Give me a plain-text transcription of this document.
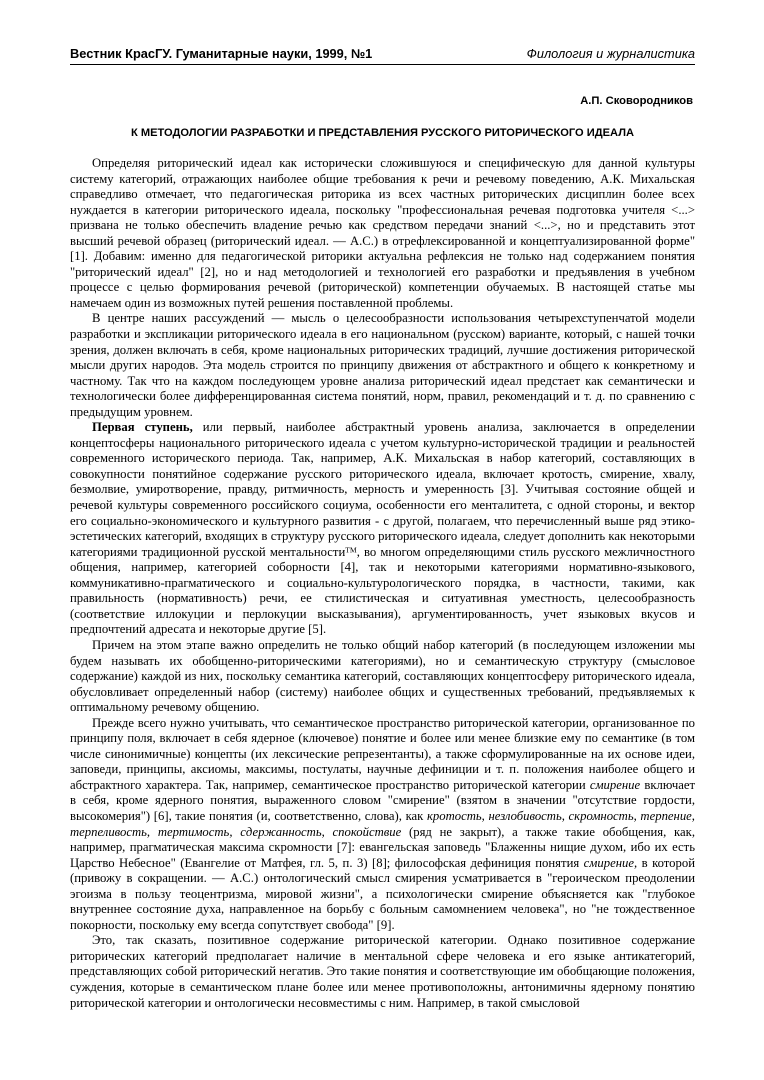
Вестник КрасГУ. Гуманитарные науки, 1999, №1	Филология и журналистика
А.П. Сковородников
К МЕТОДОЛОГИИ РАЗРАБОТКИ И ПРЕДСТАВЛЕНИЯ РУССКОГО РИТОРИЧЕСКОГО ИДЕАЛА

Определяя риторический идеал как исторически сложившуюся и специфическую для данной культуры систему категорий, отражающих наиболее общие требования к речи и речевому поведению, А.К. Михальская справедливо отмечает, что педагогическая риторика из всех частных риторических дисциплин более всех нуждается в категории риторического идеала, поскольку "профессиональная речевая подготовка учителя <...> призвана не только обеспечить владение речью как средством передачи знаний <...>, но и представить этот высший речевой образец (риторический идеал. — А.С.) в отрефлексированной и концептуализированной форме" [1]. Добавим: именно для педагогической риторики актуальна рефлексия не только над содержанием понятия "риторический идеал" [2], но и над методологией и технологией его разработки и предъявления в учебном процессе с целью формирования речевой (риторической) компетенции обучаемых. В настоящей статье мы намечаем один из возможных путей решения поставленной проблемы.

В центре наших рассуждений — мысль о целесообразности использования четырехступенчатой модели разработки и экспликации риторического идеала в его национальном (русском) варианте, который, с нашей точки зрения, должен включать в себя, кроме национальных риторических традиций, лучшие достижения риторической мысли других народов. Эта модель строится по принципу движения от абстрактного и общего к конкретному и частному. Так что на каждом последующем уровне анализа риторический идеал предстает как семантически и технологически более дифференцированная система понятий, норм, правил, рекомендаций и т. д. по сравнению с предыдущим уровнем.

Первая ступень, или первый, наиболее абстрактный уровень анализа, заключается в определении концептосферы национального риторического идеала с учетом культурно-исторической традиции и реальностей современного исторического периода. Так, например, А.К. Михальская в набор категорий, составляющих в совокупности понятийное содержание русского риторического идеала, включает кротость, смирение, хвалу, безмолвие, умиротворение, правду, ритмичность, мерность и умеренность [3]. Учитывая состояние общей и речевой культуры современного российского социума, особенности его менталитета, с одной стороны, и вектор его социально-экономического и культурного развития - с другой, полагаем, что перечисленный выше ряд этико-эстетических категорий, входящих в структуру русского риторического идеала, следует дополнить как некоторыми категориями традиционной русской ментальностиᵀᴹ, во многом определяющими стиль русского межличностного общения, например, категорией соборности [4], так и некоторыми категориями нормативно-языкового, коммуникативно-прагматического и социально-культурологического порядка, в частности, такими, как правильность (нормативность) речи, ее стилистическая и ситуативная уместность, целесообразность (соответствие иллокуции и перлокуции высказывания), аргументированность, учет языковых вкусов и предпочтений адресата и некоторые другие [5].

Причем на этом этапе важно определить не только общий набор категорий (в последующем изложении мы будем называть их обобщенно-риторическими категориями), но и семантическую структуру (смысловое содержание) каждой из них, поскольку семантика категорий, составляющих концептосферу риторического идеала, обусловливает определенный набор (систему) наиболее общих и существенных требований, предъявляемых к оптимальному речевому общению.

Прежде всего нужно учитывать, что семантическое пространство риторической категории, организованное по принципу поля, включает в себя ядерное (ключевое) понятие и более или менее близкие ему по семантике (в том числе синонимичные) концепты (их лексические репрезентанты), а также сформулированные на их основе идеи, заповеди, принципы, аксиомы, максимы, постулаты, научные дефиниции и т. п. положения наиболее общего и абстрактного характера. Так, например, семантическое пространство риторической категории смирение включает в себя, кроме ядерного понятия, выраженного словом "смирение" (взятом в значении "отсутствие гордости, высокомерия") [6], такие понятия (и, соответственно, слова), как кротость, незлобивость, скромность, терпение, терпеливость, тертимость, сдержанность, спокойствие (ряд не закрыт), а также такие обобщения, как, например, прагматическая максима скромности [7]: евангельская заповедь "Блаженны нищие духом, ибо их есть Царство Небесное" (Евангелие от Матфея, гл. 5, п. 3) [8]; философская дефиниция понятия смирение, в которой (привожу в сокращении. — А.С.) онтологический смысл смирения усматривается в "героическом преодолении эгоизма в пользу теоцентризма, мировой жизни", а психологически смирение объясняется как "глубокое внутреннее состояние духа, направленное на борьбу с больным самомнением человека", но "не тождественное покорности, поскольку ему всегда сопутствует свобода" [9].

Это, так сказать, позитивное содержание риторической категории. Однако позитивное содержание риторических категорий предполагает наличие в ментальной сфере человека и его языке антикатегорий, представляющих собой риторический негатив. Это такие понятия и соответствующие им обобщающие положения, суждения, которые в семантическом плане более или менее противоположны, антонимичны ядерному понятию риторической категории и онтологически несовместимы с ним. Например, в такой смысловой
